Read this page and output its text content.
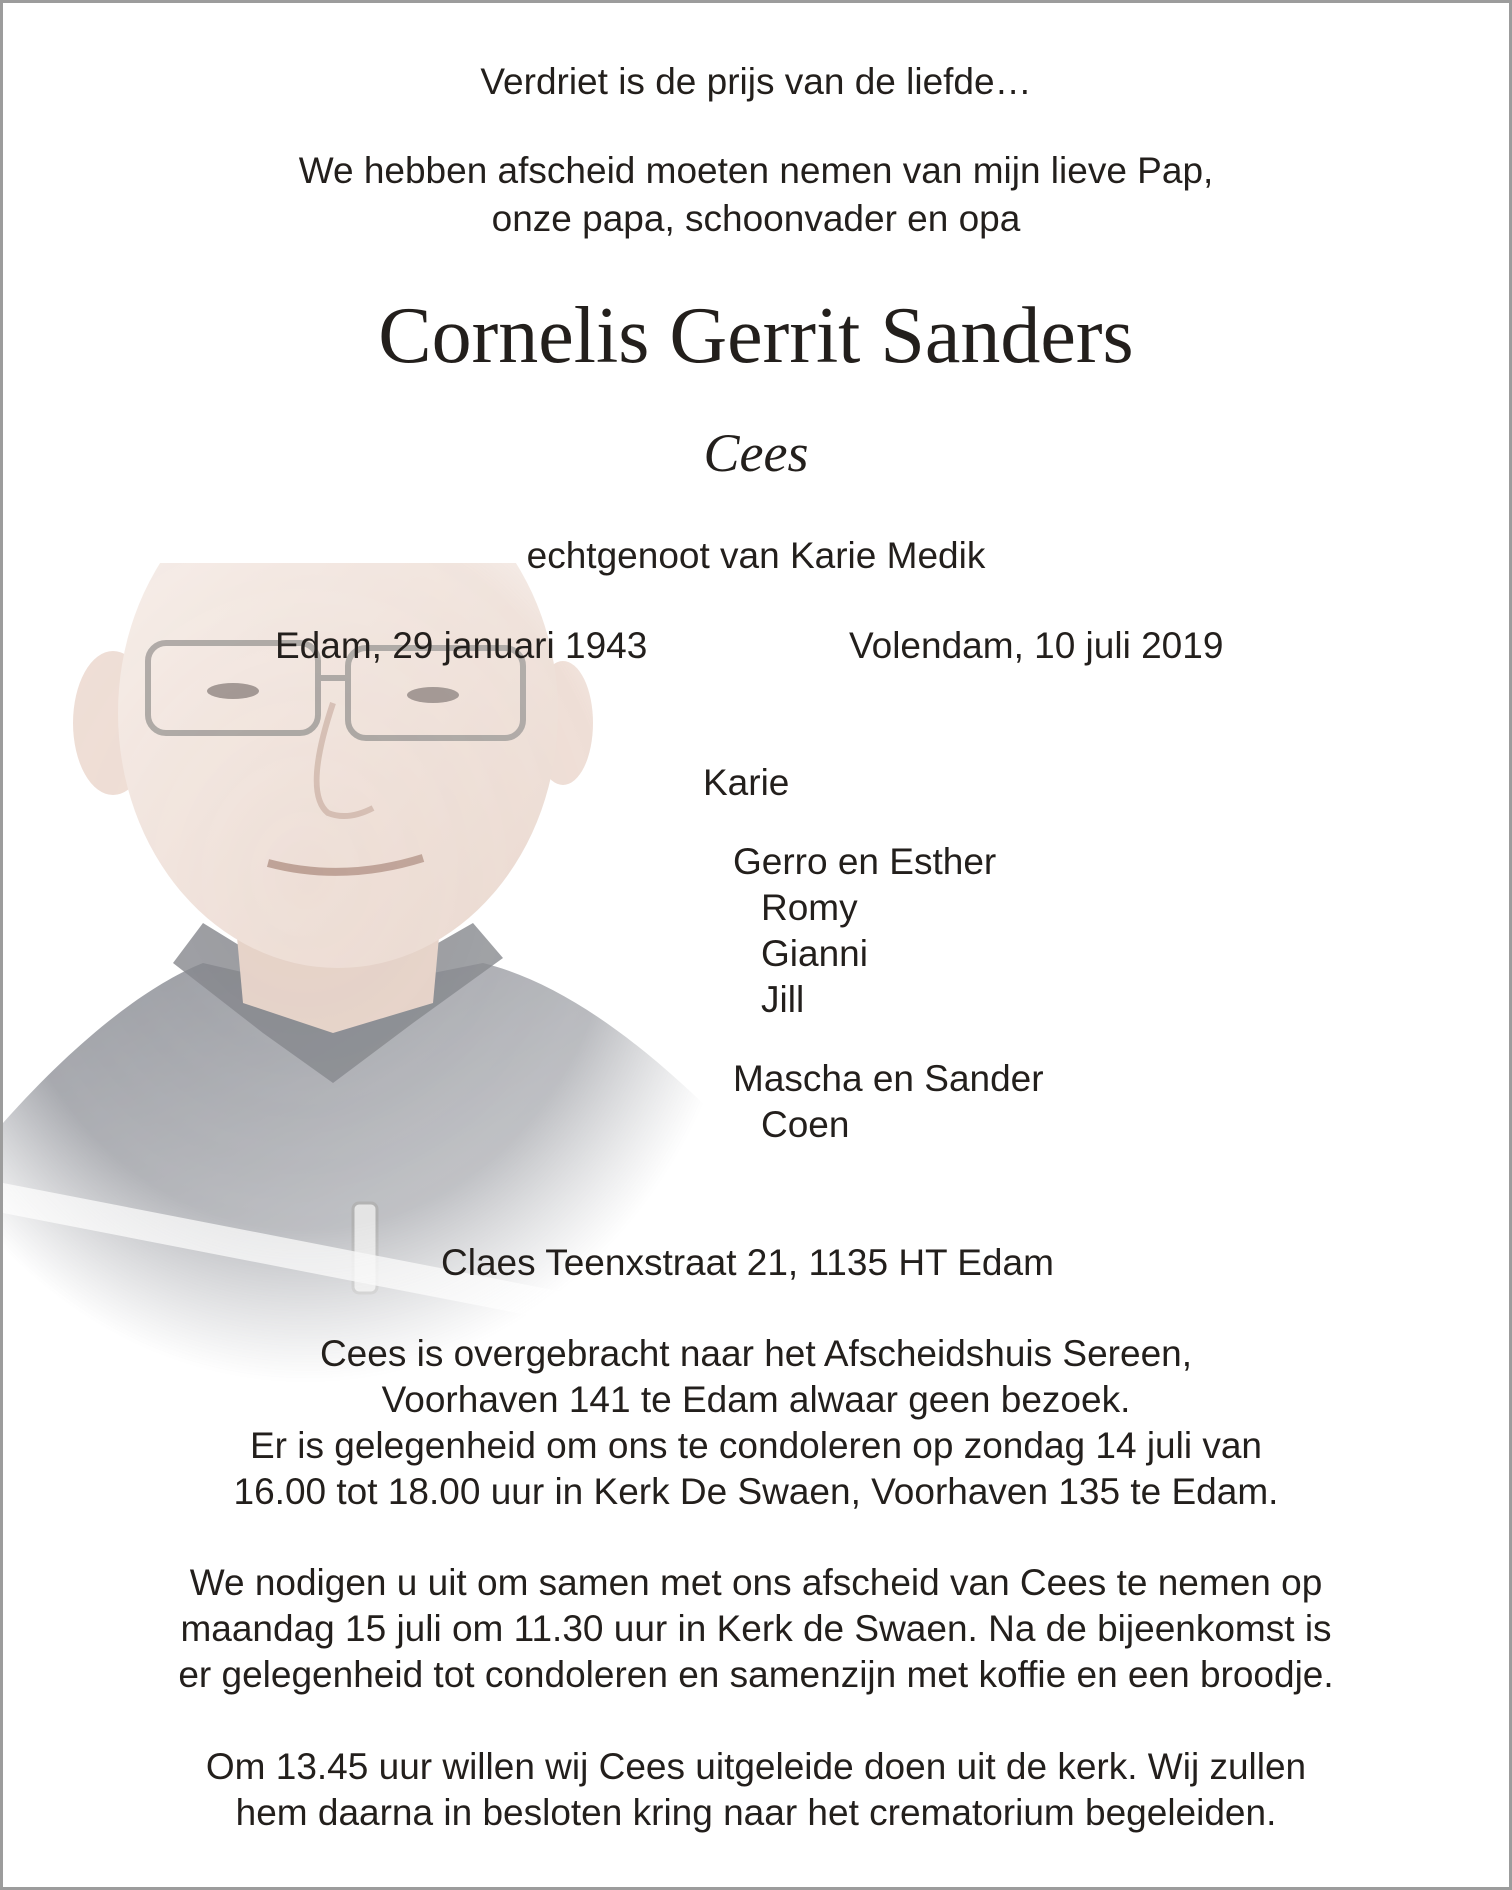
Verdriet is de prijs van de liefde…
We hebben afscheid moeten nemen van mijn lieve Pap,
onze papa, schoonvader en opa
Cornelis Gerrit Sanders
Cees
echtgenoot van Karie Medik
Edam, 29 januari 1943	Volendam, 10 juli 2019
Karie
Gerro en Esther
Romy
Gianni
Jill
Mascha en Sander
Coen
Claes Teenxstraat 21, 1135 HT Edam
Cees is overgebracht naar het Afscheidshuis Sereen,
Voorhaven 141 te Edam alwaar geen bezoek.
Er is gelegenheid om ons te condoleren op zondag 14 juli van
16.00 tot 18.00 uur in Kerk De Swaen, Voorhaven 135 te Edam.
We nodigen u uit om samen met ons afscheid van Cees te nemen op
maandag 15 juli om 11.30 uur in Kerk de Swaen. Na de bijeenkomst is
er gelegenheid tot condoleren en samenzijn met koffie en een broodje.
Om 13.45 uur willen wij Cees uitgeleide doen uit de kerk. Wij zullen
hem daarna in besloten kring naar het crematorium begeleiden.
